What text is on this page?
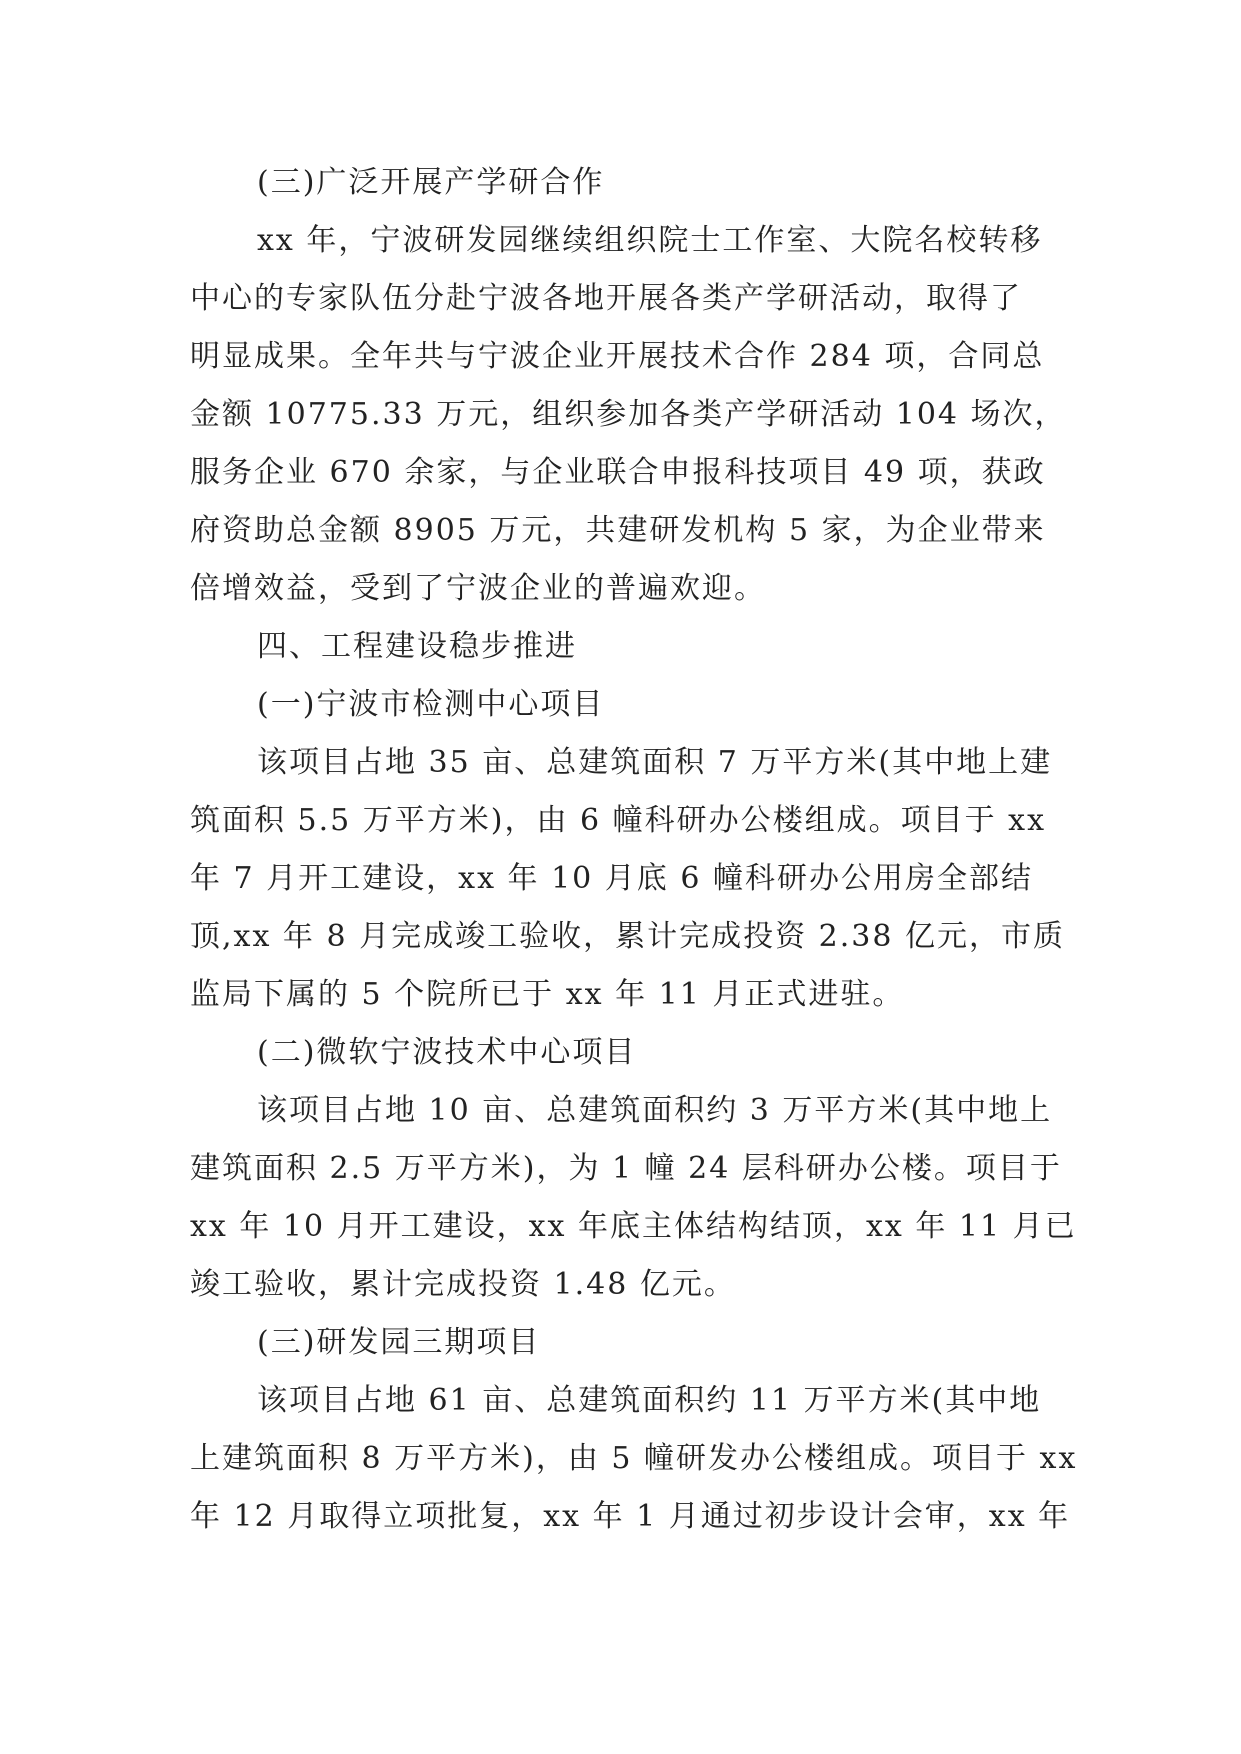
(三)广泛开展产学研合作
xx 年，宁波研发园继续组织院士工作室、大院名校转移
中心的专家队伍分赴宁波各地开展各类产学研活动，取得了
明显成果。全年共与宁波企业开展技术合作 284 项，合同总
金额 10775.33 万元，组织参加各类产学研活动 104 场次，
服务企业 670 余家，与企业联合申报科技项目 49 项，获政
府资助总金额 8905 万元，共建研发机构 5 家，为企业带来
倍增效益，受到了宁波企业的普遍欢迎。
四、工程建设稳步推进
(一)宁波市检测中心项目
该项目占地 35 亩、总建筑面积 7 万平方米(其中地上建
筑面积 5.5 万平方米)，由 6 幢科研办公楼组成。项目于 xx
年 7 月开工建设，xx 年 10 月底 6 幢科研办公用房全部结
顶,xx 年 8 月完成竣工验收，累计完成投资 2.38 亿元，市质
监局下属的 5 个院所已于 xx 年 11 月正式进驻。
(二)微软宁波技术中心项目
该项目占地 10 亩、总建筑面积约 3 万平方米(其中地上
建筑面积 2.5 万平方米)，为 1 幢 24 层科研办公楼。项目于
xx 年 10 月开工建设，xx 年底主体结构结顶，xx 年 11 月已
竣工验收，累计完成投资 1.48 亿元。
(三)研发园三期项目
该项目占地 61 亩、总建筑面积约 11 万平方米(其中地
上建筑面积 8 万平方米)，由 5 幢研发办公楼组成。项目于 xx
年 12 月取得立项批复，xx 年 1 月通过初步设计会审，xx 年
